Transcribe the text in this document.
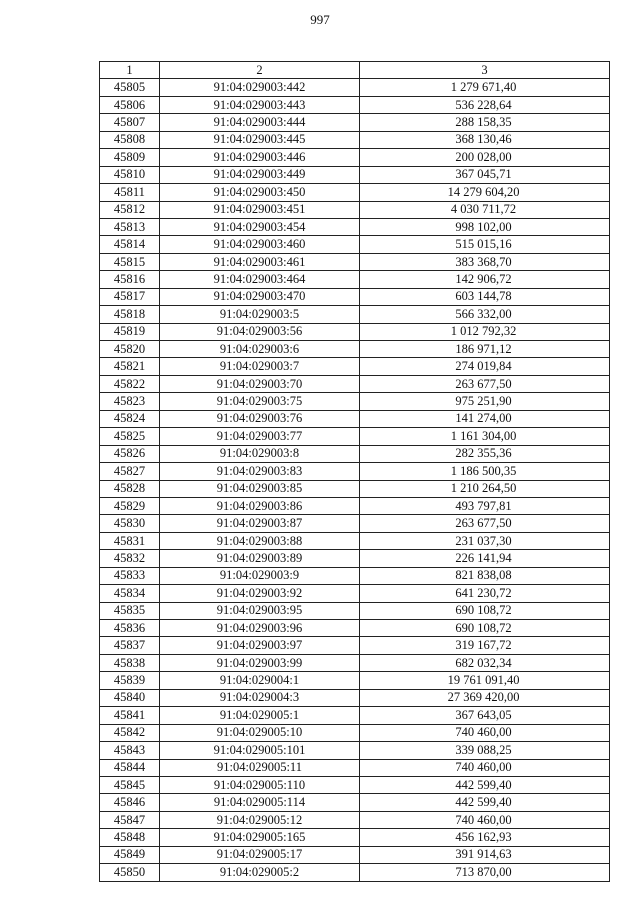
997
1	2	3
45805	91:04:029003:442	1 279 671,40
45806	91:04:029003:443	536 228,64
45807	91:04:029003:444	288 158,35
45808	91:04:029003:445	368 130,46
45809	91:04:029003:446	200 028,00
45810	91:04:029003:449	367 045,71
45811	91:04:029003:450	14 279 604,20
45812	91:04:029003:451	4 030 711,72
45813	91:04:029003:454	998 102,00
45814	91:04:029003:460	515 015,16
45815	91:04:029003:461	383 368,70
45816	91:04:029003:464	142 906,72
45817	91:04:029003:470	603 144,78
45818	91:04:029003:5	566 332,00
45819	91:04:029003:56	1 012 792,32
45820	91:04:029003:6	186 971,12
45821	91:04:029003:7	274 019,84
45822	91:04:029003:70	263 677,50
45823	91:04:029003:75	975 251,90
45824	91:04:029003:76	141 274,00
45825	91:04:029003:77	1 161 304,00
45826	91:04:029003:8	282 355,36
45827	91:04:029003:83	1 186 500,35
45828	91:04:029003:85	1 210 264,50
45829	91:04:029003:86	493 797,81
45830	91:04:029003:87	263 677,50
45831	91:04:029003:88	231 037,30
45832	91:04:029003:89	226 141,94
45833	91:04:029003:9	821 838,08
45834	91:04:029003:92	641 230,72
45835	91:04:029003:95	690 108,72
45836	91:04:029003:96	690 108,72
45837	91:04:029003:97	319 167,72
45838	91:04:029003:99	682 032,34
45839	91:04:029004:1	19 761 091,40
45840	91:04:029004:3	27 369 420,00
45841	91:04:029005:1	367 643,05
45842	91:04:029005:10	740 460,00
45843	91:04:029005:101	339 088,25
45844	91:04:029005:11	740 460,00
45845	91:04:029005:110	442 599,40
45846	91:04:029005:114	442 599,40
45847	91:04:029005:12	740 460,00
45848	91:04:029005:165	456 162,93
45849	91:04:029005:17	391 914,63
45850	91:04:029005:2	713 870,00
